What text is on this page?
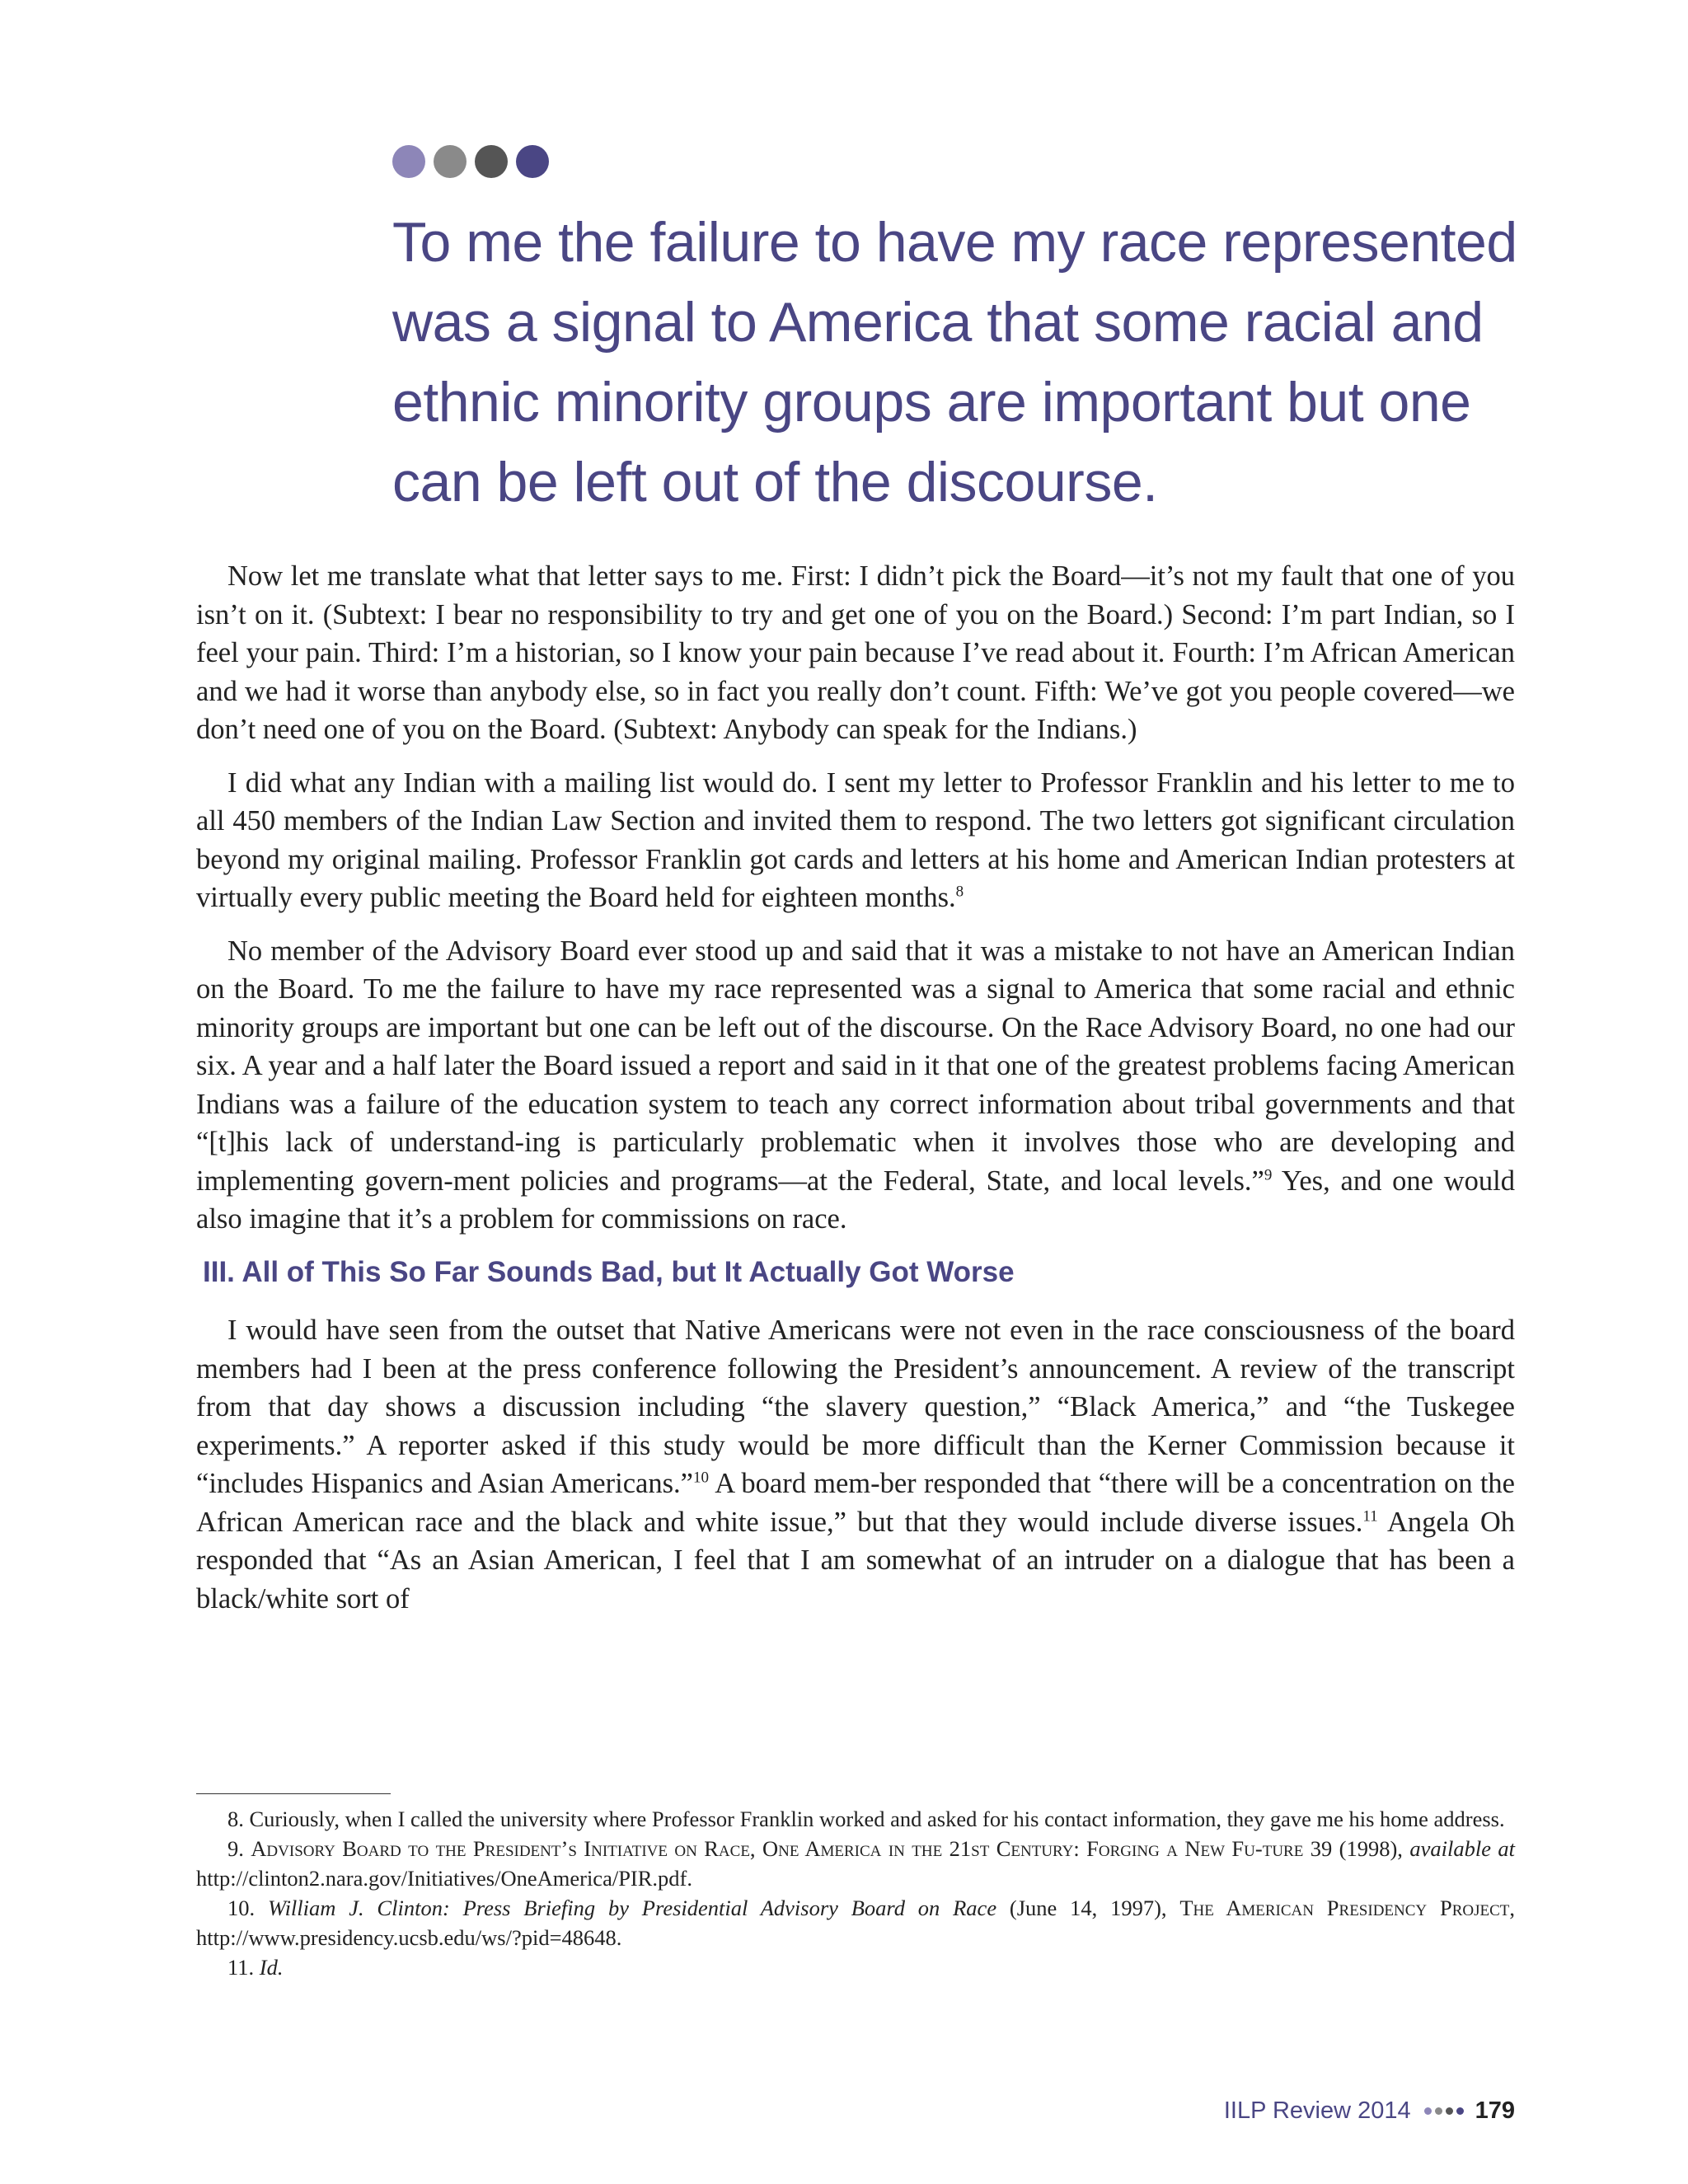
To me the failure to have my race represented was a signal to America that some racial and ethnic minority groups are important but one can be left out of the discourse.

Now let me translate what that letter says to me. First: I didn’t pick the Board—it’s not my fault that one of you isn’t on it. (Subtext: I bear no responsibility to try and get one of you on the Board.) Second: I’m part Indian, so I feel your pain. Third: I’m a historian, so I know your pain because I’ve read about it. Fourth: I’m African American and we had it worse than anybody else, so in fact you really don’t count. Fifth: We’ve got you people covered—we don’t need one of you on the Board. (Subtext: Anybody can speak for the Indians.)

I did what any Indian with a mailing list would do. I sent my letter to Professor Franklin and his letter to me to all 450 members of the Indian Law Section and invited them to respond. The two letters got significant circulation beyond my original mailing. Professor Franklin got cards and letters at his home and American Indian protesters at virtually every public meeting the Board held for eighteen months.$^8$

No member of the Advisory Board ever stood up and said that it was a mistake to not have an American Indian on the Board. To me the failure to have my race represented was a signal to America that some racial and ethnic minority groups are important but one can be left out of the discourse. On the Race Advisory Board, no one had our six. A year and a half later the Board issued a report and said in it that one of the greatest problems facing American Indians was a failure of the education system to teach any correct information about tribal governments and that “[t]his lack of understand-ing is particularly problematic when it involves those who are developing and implementing govern-ment policies and programs—at the Federal, State, and local levels.”$^9$ Yes, and one would also imagine that it’s a problem for commissions on race.

III. All of This So Far Sounds Bad, but It Actually Got Worse

I would have seen from the outset that Native Americans were not even in the race consciousness of the board members had I been at the press conference following the President’s announcement. A review of the transcript from that day shows a discussion including “the slavery question,” “Black America,” and “the Tuskegee experiments.” A reporter asked if this study would be more difficult than the Kerner Commission because it “includes Hispanics and Asian Americans.”$^{10}$ A board mem-ber responded that “there will be a concentration on the African American race and the black and white issue,” but that they would include diverse issues.$^{11}$ Angela Oh responded that “As an Asian American, I feel that I am somewhat of an intruder on a dialogue that has been a black/white sort of

8. Curiously, when I called the university where Professor Franklin worked and asked for his contact information, they gave me his home address.

9. Advisory Board to the President’s Initiative on Race, One America in the 21st Century: Forging a New Fu-ture 39 (1998), available at http://clinton2.nara.gov/Initiatives/OneAmerica/PIR.pdf.

10. William J. Clinton: Press Briefing by Presidential Advisory Board on Race (June 14, 1997), The American Presidency Project, http://www.presidency.ucsb.edu/ws/?pid=48648.

11. Id.

IILP Review 2014	179
